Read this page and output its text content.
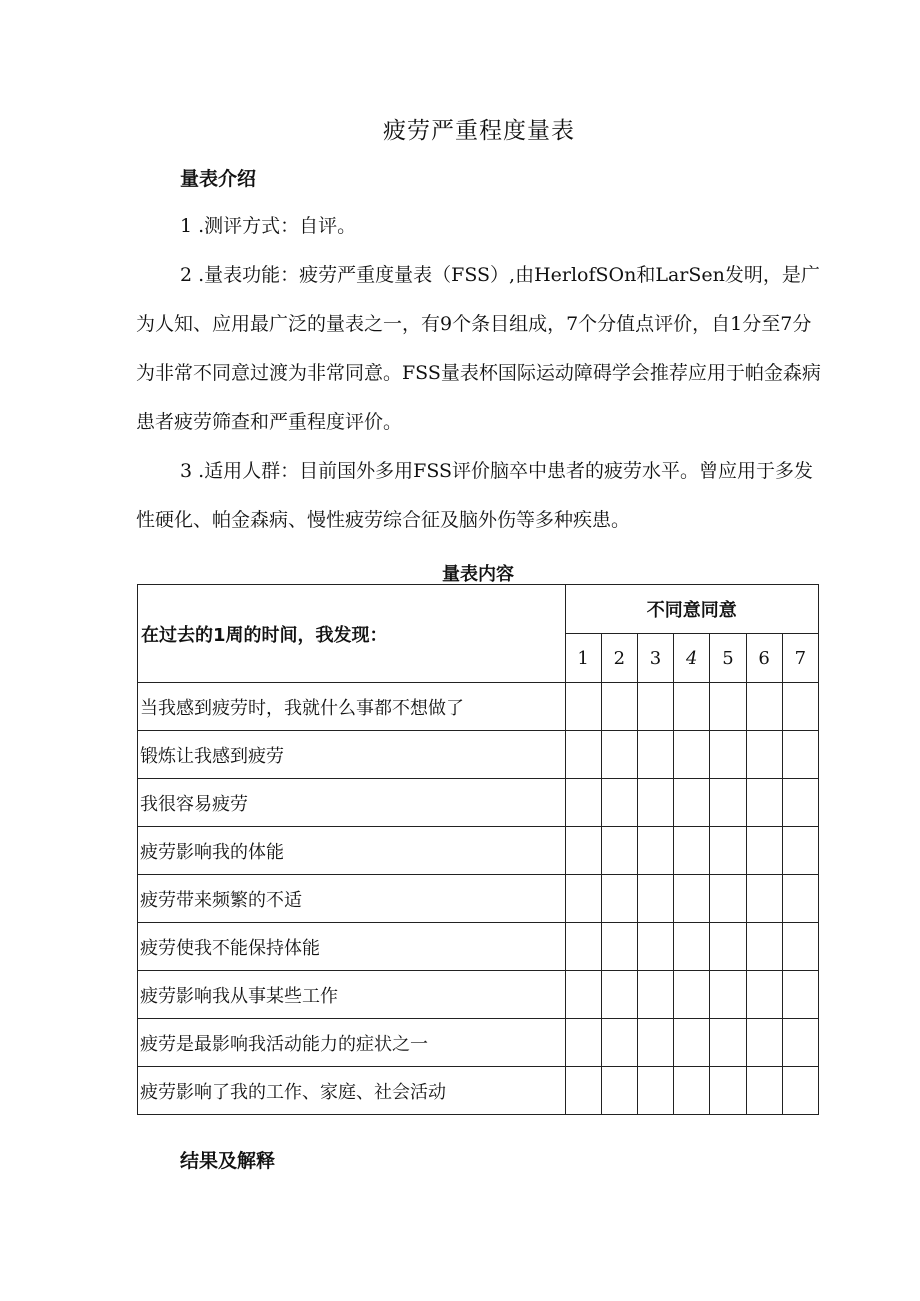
疲劳严重程度量表
量表介绍
1 .测评方式：自评。
2 .量表功能：疲劳严重度量表（FSS）,由HerlofSOn和LarSen发明，是广为人知、应用最广泛的量表之一，有9个条目组成，7个分值点评价，自1分至7分为非常不同意过渡为非常同意。FSS量表杯国际运动障碍学会推荐应用于帕金森病患者疲劳筛查和严重程度评价。
3 .适用人群：目前国外多用FSS评价脑卒中患者的疲劳水平。曾应用于多发性硬化、帕金森病、慢性疲劳综合征及脑外伤等多种疾患。
量表内容
在过去的1周的时间，我发现：	不同意同意						
	1	2	3	4	5	6	7
当我感到疲劳时，我就什么事都不想做了							
锻炼让我感到疲劳							
我很容易疲劳							
疲劳影响我的体能							
疲劳带来频繁的不适							
疲劳使我不能保持体能							
疲劳影响我从事某些工作							
疲劳是最影响我活动能力的症状之一							
疲劳影响了我的工作、家庭、社会活动							
结果及解释
